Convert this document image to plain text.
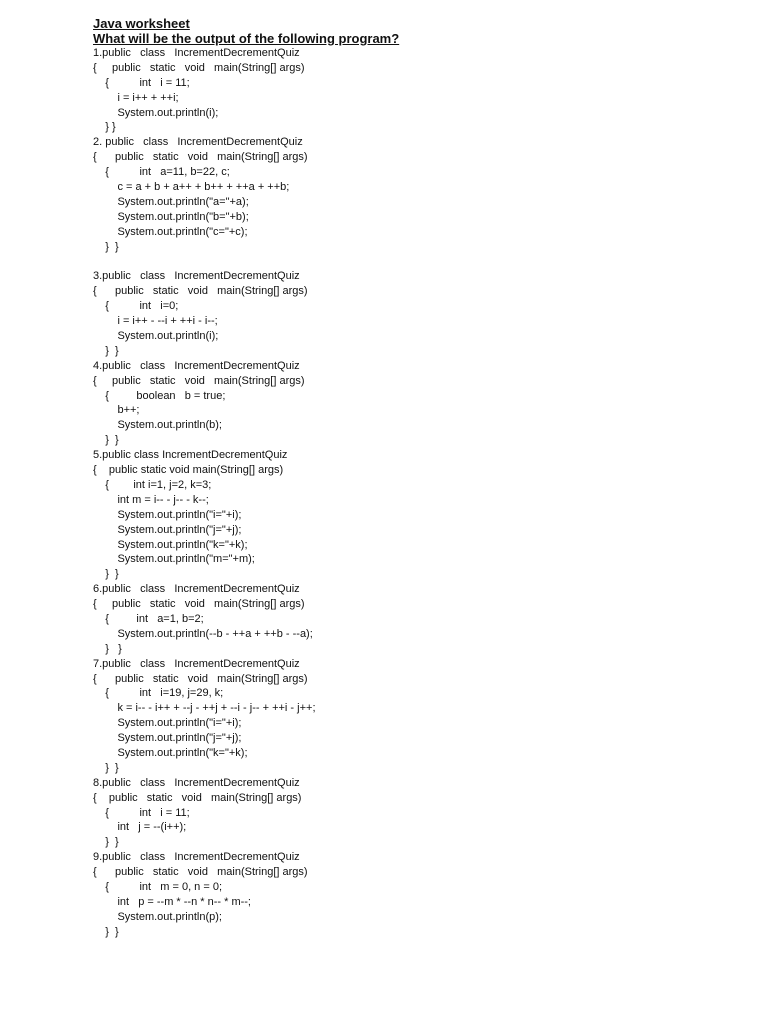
Java worksheet
What will be the output of the following program?
1.public   class   IncrementDecrementQuiz
{     public   static   void   main(String[] args)
{          int   i = 11;
i = i++ + ++i;
System.out.println(i);
} }
2. public   class   IncrementDecrementQuiz
{      public   static   void   main(String[] args)
{          int   a=11, b=22, c;
c = a + b + a++ + b++ + ++a + ++b;
System.out.println("a="+a);
System.out.println("b="+b);
System.out.println("c="+c);
}  }
3.public   class   IncrementDecrementQuiz
{      public   static   void   main(String[] args)
{          int   i=0;
i = i++ - --i + ++i - i--;
System.out.println(i);
}  }
4.public   class   IncrementDecrementQuiz
{     public   static   void   main(String[] args)
{         boolean   b = true;
b++;
System.out.println(b);
}  }
5.public class IncrementDecrementQuiz
{    public static void main(String[] args)
{        int i=1, j=2, k=3;
int m = i-- - j-- - k--;
System.out.println("i="+i);
System.out.println("j="+j);
System.out.println("k="+k);
System.out.println("m="+m);
}  }
6.public   class   IncrementDecrementQuiz
{     public   static   void   main(String[] args)
{         int   a=1, b=2;
System.out.println(--b - ++a + ++b - --a);
}   }
7.public   class   IncrementDecrementQuiz
{      public   static   void   main(String[] args)
{          int   i=19, j=29, k;
k = i-- - i++ + --j - ++j + --i - j-- + ++i - j++;
System.out.println("i="+i);
System.out.println("j="+j);
System.out.println("k="+k);
}  }
8.public   class   IncrementDecrementQuiz
{    public   static   void   main(String[] args)
{          int   i = 11;
int   j = --(i++);
}  }
9.public   class   IncrementDecrementQuiz
{      public   static   void   main(String[] args)
{          int   m = 0, n = 0;
int   p = --m * --n * n-- * m--;
System.out.println(p);
}  }
